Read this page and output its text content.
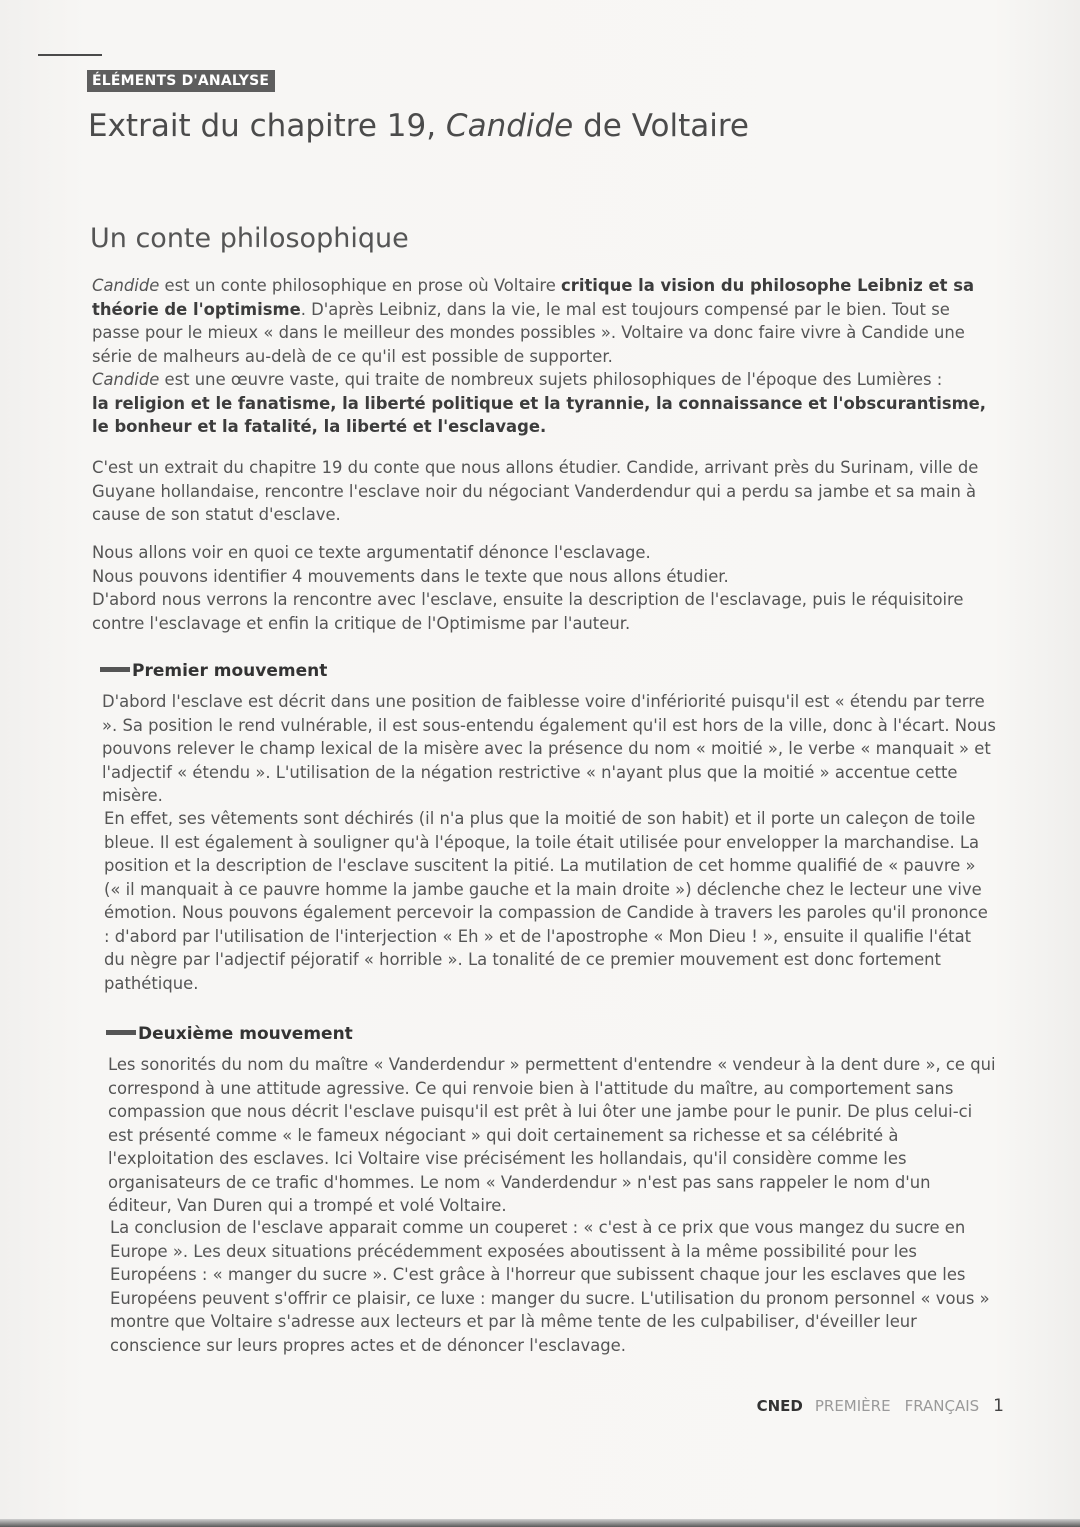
ÉLÉMENTS D'ANALYSE
Extrait du chapitre 19, Candide de Voltaire
Un conte philosophique

Candide est un conte philosophique en prose où Voltaire critique la vision du philosophe Leibniz et sa théorie de l'optimisme. D'après Leibniz, dans la vie, le mal est toujours compensé par le bien. Tout se passe pour le mieux « dans le meilleur des mondes possibles ». Voltaire va donc faire vivre à Candide une série de malheurs au-delà de ce qu'il est possible de supporter.
Candide est une œuvre vaste, qui traite de nombreux sujets philosophiques de l'époque des Lumières :
la religion et le fanatisme, la liberté politique et la tyrannie, la connaissance et l'obscurantisme, le bonheur et la fatalité, la liberté et l'esclavage.

C'est un extrait du chapitre 19 du conte que nous allons étudier. Candide, arrivant près du Surinam, ville de Guyane hollandaise, rencontre l'esclave noir du négociant Vanderdendur qui a perdu sa jambe et sa main à cause de son statut d'esclave.

Nous allons voir en quoi ce texte argumentatif dénonce l'esclavage.
Nous pouvons identifier 4 mouvements dans le texte que nous allons étudier.
D'abord nous verrons la rencontre avec l'esclave, ensuite la description de l'esclavage, puis le réquisitoire contre l'esclavage et enfin la critique de l'Optimisme par l'auteur.

Premier mouvement

D'abord l'esclave est décrit dans une position de faiblesse voire d'infériorité puisqu'il est « étendu par terre ». Sa position le rend vulnérable, il est sous-entendu également qu'il est hors de la ville, donc à l'écart. Nous pouvons relever le champ lexical de la misère avec la présence du nom « moitié », le verbe « manquait » et l'adjectif « étendu ». L'utilisation de la négation restrictive « n'ayant plus que la moitié » accentue cette misère.

En effet, ses vêtements sont déchirés (il n'a plus que la moitié de son habit) et il porte un caleçon de toile bleue. Il est également à souligner qu'à l'époque, la toile était utilisée pour envelopper la marchandise. La position et la description de l'esclave suscitent la pitié. La mutilation de cet homme qualifié de « pauvre » (« il manquait à ce pauvre homme la jambe gauche et la main droite ») déclenche chez le lecteur une vive émotion. Nous pouvons également percevoir la compassion de Candide à travers les paroles qu'il prononce : d'abord par l'utilisation de l'interjection « Eh » et de l'apostrophe « Mon Dieu ! », ensuite il qualifie l'état du nègre par l'adjectif péjoratif « horrible ». La tonalité de ce premier mouvement est donc fortement pathétique.

Deuxième mouvement

Les sonorités du nom du maître « Vanderdendur » permettent d'entendre « vendeur à la dent dure », ce qui correspond à une attitude agressive. Ce qui renvoie bien à l'attitude du maître, au comportement sans compassion que nous décrit l'esclave puisqu'il est prêt à lui ôter une jambe pour le punir. De plus celui-ci est présenté comme « le fameux négociant » qui doit certainement sa richesse et sa célébrité à l'exploitation des esclaves. Ici Voltaire vise précisément les hollandais, qu'il considère comme les organisateurs de ce trafic d'hommes. Le nom « Vanderdendur » n'est pas sans rappeler le nom d'un éditeur, Van Duren qui a trompé et volé Voltaire.

La conclusion de l'esclave apparait comme un couperet : « c'est à ce prix que vous mangez du sucre en Europe ». Les deux situations précédemment exposées aboutissent à la même possibilité pour les Européens : « manger du sucre ». C'est grâce à l'horreur que subissent chaque jour les esclaves que les Européens peuvent s'offrir ce plaisir, ce luxe : manger du sucre. L'utilisation du pronom personnel « vous » montre que Voltaire s'adresse aux lecteurs et par là même tente de les culpabiliser, d'éveiller leur conscience sur leurs propres actes et de dénoncer l'esclavage.

CNED PREMIÈRE FRANÇAIS 1
